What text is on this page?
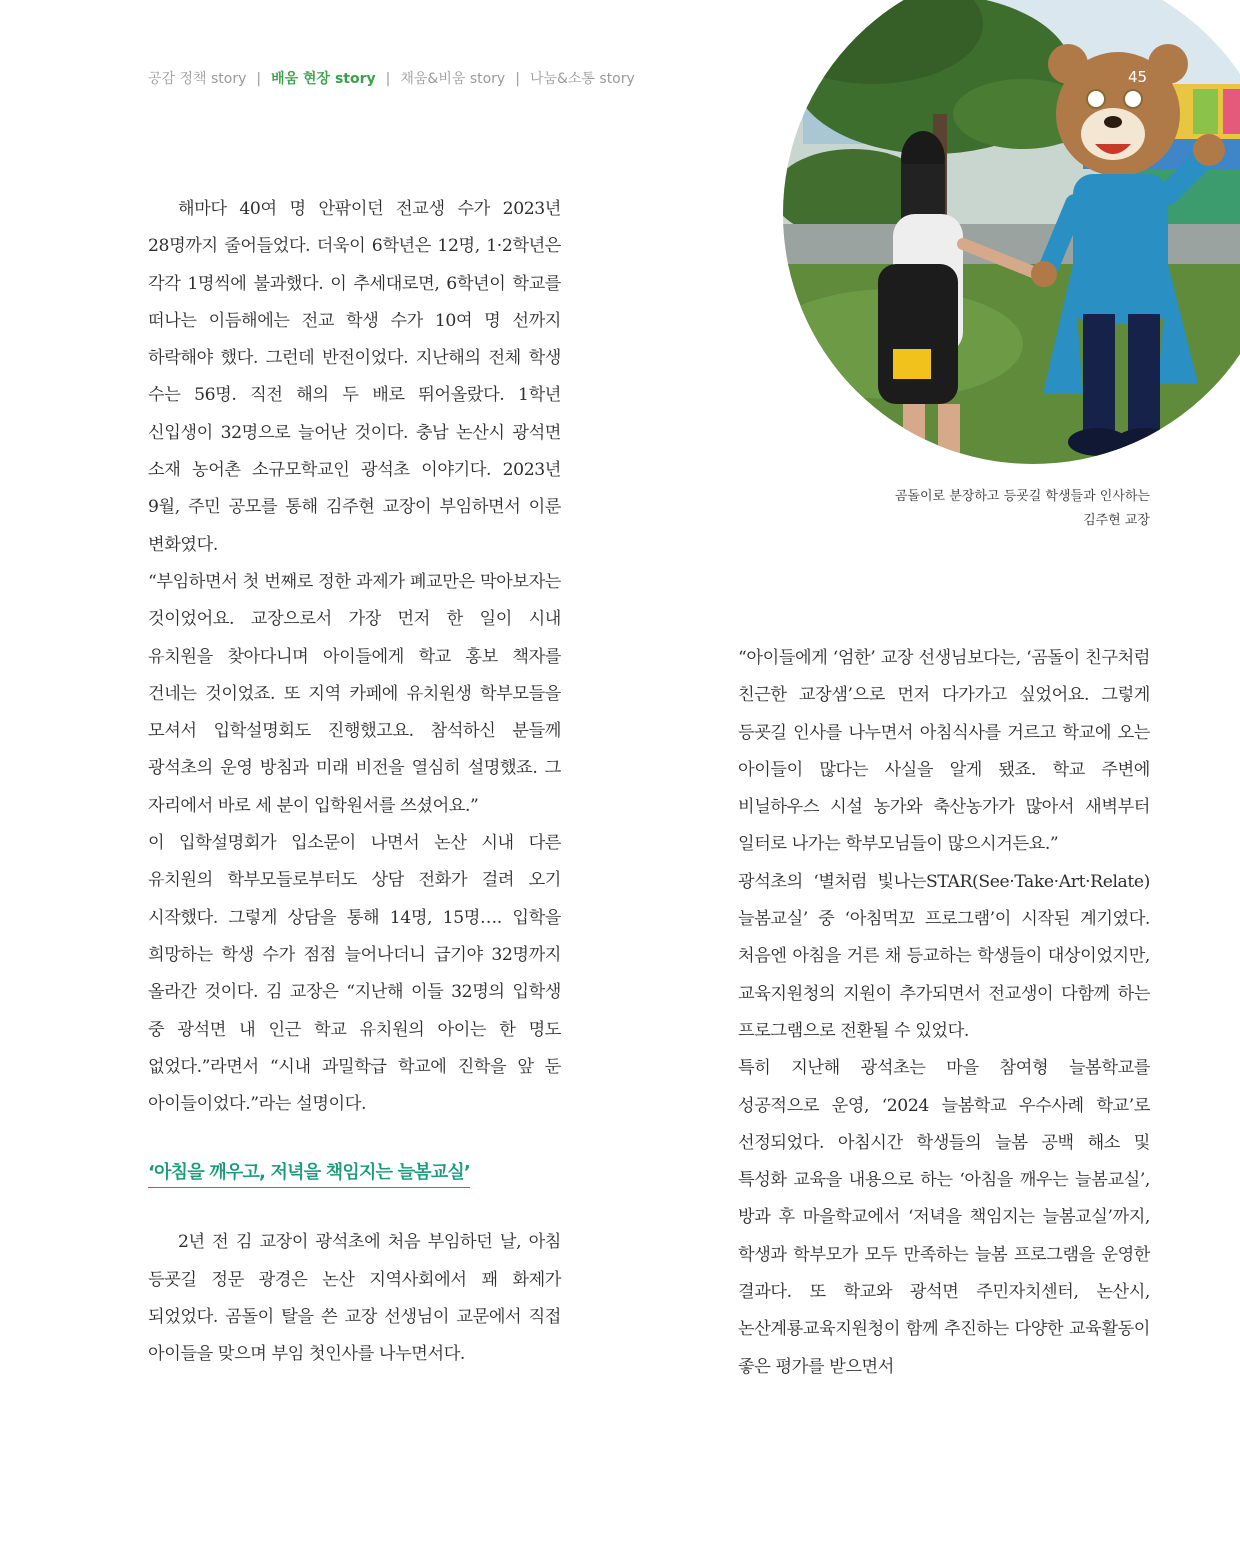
공감 정책 story | 배움 현장 story | 채움&비움 story | 나눔&소통 story	45
곰돌이로 분장하고 등굣길 학생들과 인사하는
김주현 교장

해마다 40여 명 안팎이던 전교생 수가 2023년 28명까지 줄어들었다. 더욱이 6학년은 12명, 1·2학년은 각각 1명씩에 불과했다. 이 추세대로면, 6학년이 학교를 떠나는 이듬해에는 전교 학생 수가 10여 명 선까지 하락해야 했다. 그런데 반전이었다. 지난해의 전체 학생 수는 56명. 직전 해의 두 배로 뛰어올랐다. 1학년 신입생이 32명으로 늘어난 것이다. 충남 논산시 광석면 소재 농어촌 소규모학교인 광석초 이야기다. 2023년 9월, 주민 공모를 통해 김주현 교장이 부임하면서 이룬 변화였다.

“부임하면서 첫 번째로 정한 과제가 폐교만은 막아보자는 것이었어요. 교장으로서 가장 먼저 한 일이 시내 유치원을 찾아다니며 아이들에게 학교 홍보 책자를 건네는 것이었죠. 또 지역 카페에 유치원생 학부모들을 모셔서 입학설명회도 진행했고요. 참석하신 분들께 광석초의 운영 방침과 미래 비전을 열심히 설명했죠. 그 자리에서 바로 세 분이 입학원서를 쓰셨어요.”

이 입학설명회가 입소문이 나면서 논산 시내 다른 유치원의 학부모들로부터도 상담 전화가 걸려 오기 시작했다. 그렇게 상담을 통해 14명, 15명…. 입학을 희망하는 학생 수가 점점 늘어나더니 급기야 32명까지 올라간 것이다. 김 교장은 “지난해 이들 32명의 입학생 중 광석면 내 인근 학교 유치원의 아이는 한 명도 없었다.”라면서 “시내 과밀학급 학교에 진학을 앞 둔 아이들이었다.”라는 설명이다.

‘아침을 깨우고, 저녁을 책임지는 늘봄교실’

2년 전 김 교장이 광석초에 처음 부임하던 날, 아침 등굣길 정문 광경은 논산 지역사회에서 꽤 화제가 되었었다. 곰돌이 탈을 쓴 교장 선생님이 교문에서 직접 아이들을 맞으며 부임 첫인사를 나누면서다.

“아이들에게 ‘엄한’ 교장 선생님보다는, ‘곰돌이 친구처럼 친근한 교장샘’으로 먼저 다가가고 싶었어요. 그렇게 등굣길 인사를 나누면서 아침식사를 거르고 학교에 오는 아이들이 많다는 사실을 알게 됐죠. 학교 주변에 비닐하우스 시설 농가와 축산농가가 많아서 새벽부터 일터로 나가는 학부모님들이 많으시거든요.”

광석초의 ‘별처럼 빛나는STAR(See·Take·Art·Relate) 늘봄교실’ 중 ‘아침먹꼬 프로그램’이 시작된 계기였다. 처음엔 아침을 거른 채 등교하는 학생들이 대상이었지만, 교육지원청의 지원이 추가되면서 전교생이 다함께 하는 프로그램으로 전환될 수 있었다.

특히 지난해 광석초는 마을 참여형 늘봄학교를 성공적으로 운영, ‘2024 늘봄학교 우수사례 학교’로 선정되었다. 아침시간 학생들의 늘봄 공백 해소 및 특성화 교육을 내용으로 하는 ‘아침을 깨우는 늘봄교실’, 방과 후 마을학교에서 ‘저녁을 책임지는 늘봄교실’까지, 학생과 학부모가 모두 만족하는 늘봄 프로그램을 운영한 결과다. 또 학교와 광석면 주민자치센터, 논산시, 논산계룡교육지원청이 함께 추진하는 다양한 교육활동이 좋은 평가를 받으면서
